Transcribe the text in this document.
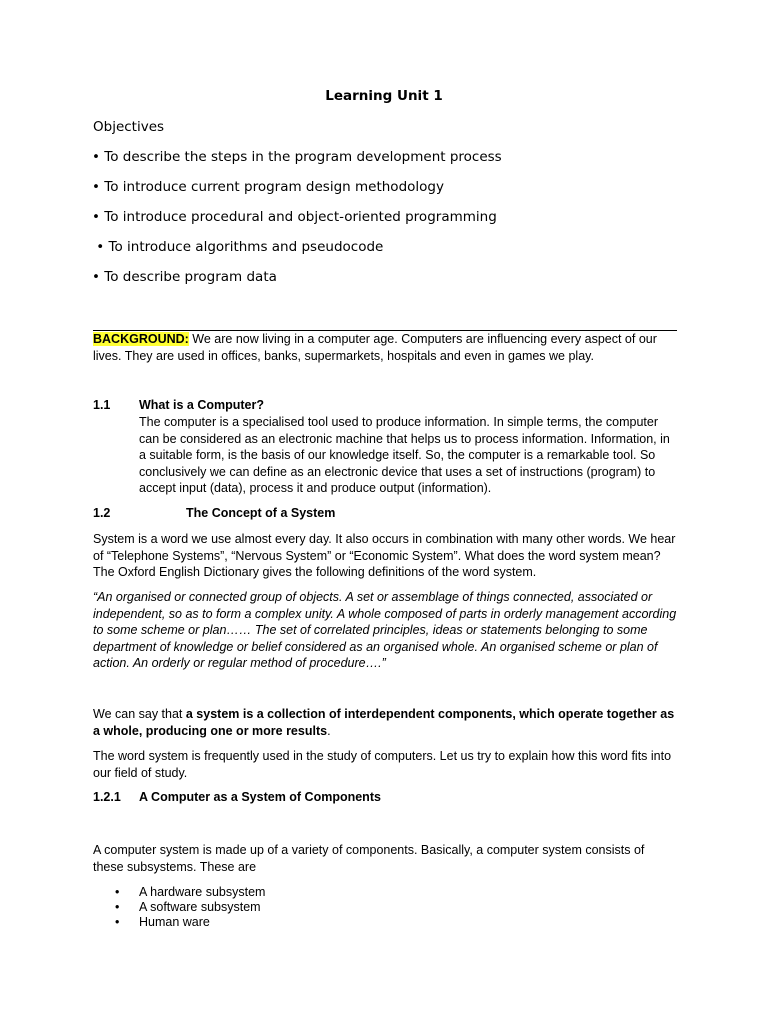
Learning Unit 1
Objectives
• To describe the steps in the program development process
• To introduce current program design methodology
• To introduce procedural and object-oriented programming
• To introduce algorithms and pseudocode
• To describe program data
BACKGROUND: We are now living in a computer age. Computers are influencing every aspect of our lives. They are used in offices, banks, supermarkets, hospitals and even in games we play.
1.1 What is a Computer?
The computer is a specialised tool used to produce information. In simple terms, the computer can be considered as an electronic machine that helps us to process information. Information, in a suitable form, is the basis of our knowledge itself. So, the computer is a remarkable tool. So conclusively we can define as an electronic device that uses a set of instructions (program) to accept input (data), process it and produce output (information).
1.2	The Concept of a System
System is a word we use almost every day. It also occurs in combination with many other words. We hear of “Telephone Systems”, “Nervous System” or “Economic System”. What does the word system mean? The Oxford English Dictionary gives the following definitions of the word system.
“An organised or connected group of objects. A set or assemblage of things connected, associated or independent, so as to form a complex unity. A whole composed of parts in orderly management according to some scheme or plan…… The set of correlated principles, ideas or statements belonging to some department of knowledge or belief considered as an organised whole. An organised scheme or plan of action. An orderly or regular method of procedure….”
We can say that a system is a collection of interdependent components, which operate together as a whole, producing one or more results.
The word system is frequently used in the study of computers. Let us try to explain how this word fits into our field of study.
1.2.1 A Computer as a System of Components
A computer system is made up of a variety of components. Basically, a computer system consists of these subsystems. These are
• A hardware subsystem
• A software subsystem
• Human ware
